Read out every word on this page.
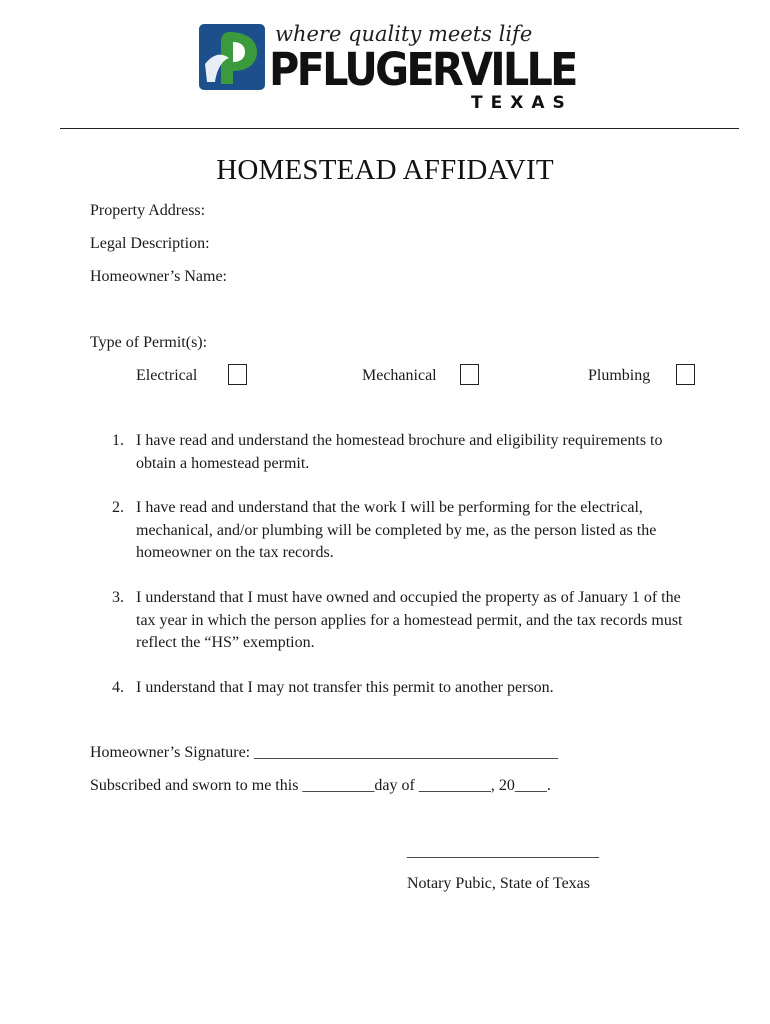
where quality meets life
PFLUGERVILLE
TEXAS
HOMESTEAD AFFIDAVIT
Property Address:
Legal Description:
Homeowner’s Name:
Type of Permit(s):
Electrical	Mechanical	Plumbing
1. I have read and understand the homestead brochure and eligibility requirements to obtain a homestead permit.
2. I have read and understand that the work I will be performing for the electrical, mechanical, and/or plumbing will be completed by me, as the person listed as the homeowner on the tax records.
3. I understand that I must have owned and occupied the property as of January 1 of the tax year in which the person applies for a homestead permit, and the tax records must reflect the “HS” exemption.
4. I understand that I may not transfer this permit to another person.
Homeowner’s Signature: ______________________________________
Subscribed and sworn to me this _________day of _________, 20____.
________________________
Notary Pubic, State of Texas
